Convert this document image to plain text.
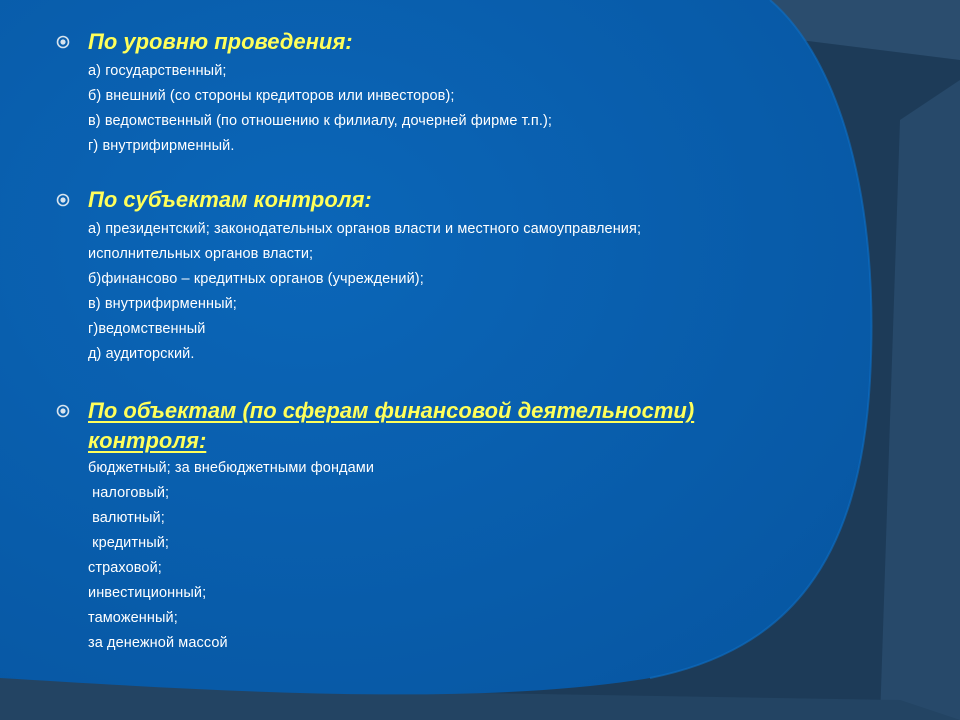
По уровню проведения:
а) государственный;
б) внешний (со стороны кредиторов или инвесторов);
в) ведомственный (по отношению к филиалу, дочерней фирме т.п.);
г) внутрифирменный.
По субъектам контроля:
а) президентский; законодательных органов власти и местного самоуправления;
исполнительных органов власти;
б)финансово – кредитных органов (учреждений);
в) внутрифирменный;
г)ведомственный
д) аудиторский.
По объектам (по сферам финансовой деятельности)
контроля:
бюджетный; за внебюджетными фондами
налоговый;
валютный;
кредитный;
страховой;
инвестиционный;
таможенный;
за денежной массой
